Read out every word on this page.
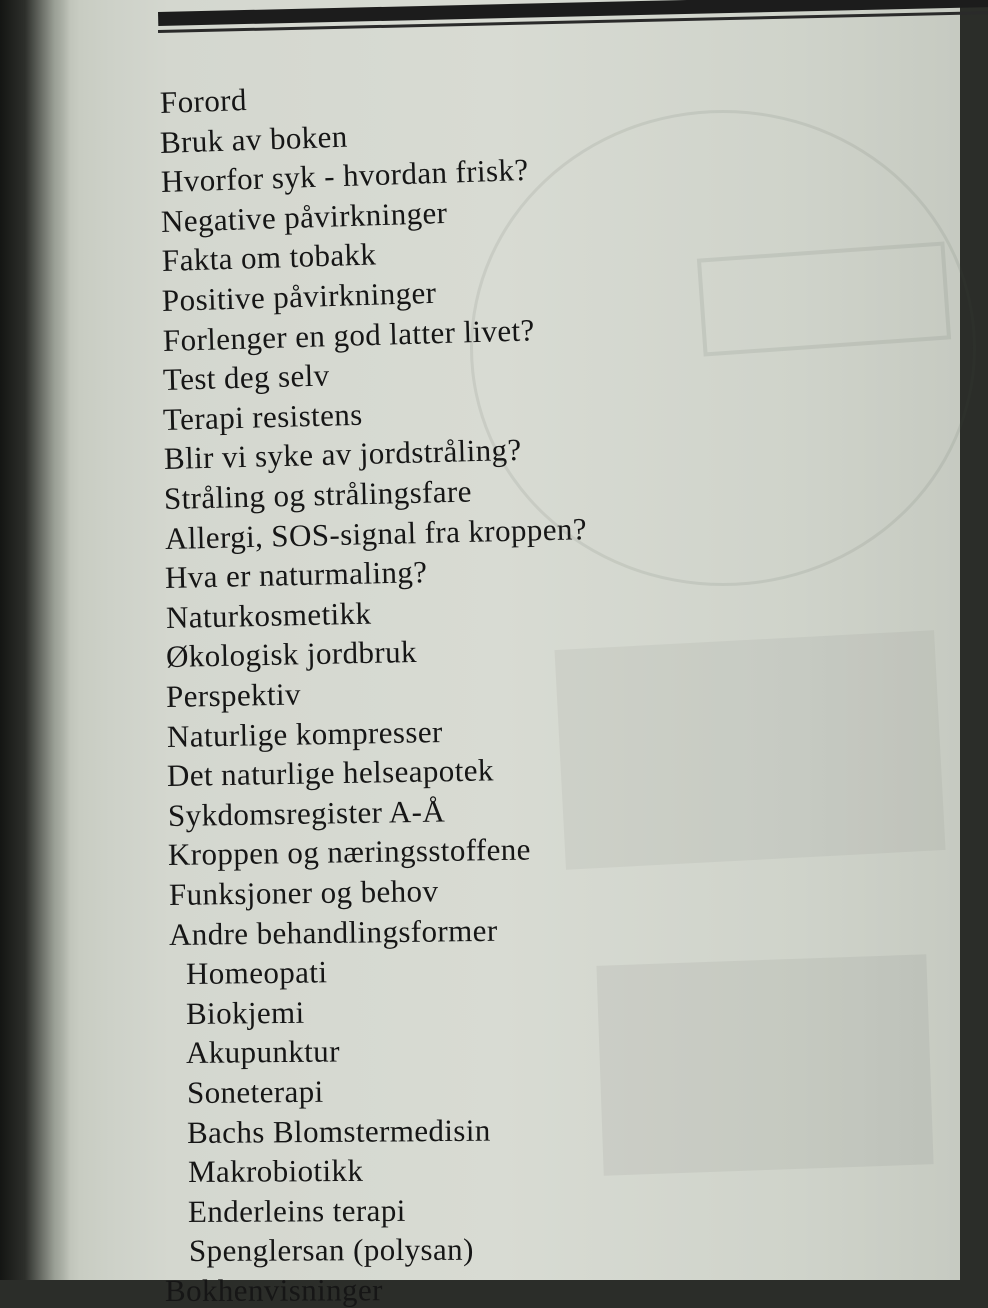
Forord
Bruk av boken
Hvorfor syk - hvordan frisk?
Negative påvirkninger
Fakta om tobakk
Positive påvirkninger
Forlenger en god latter livet?
Test deg selv
Terapi resistens
Blir vi syke av jordstråling?
Stråling og strålingsfare
Allergi, SOS-signal fra kroppen?
Hva er naturmaling?
Naturkosmetikk
Økologisk jordbruk
Perspektiv
Naturlige kompresser
Det naturlige helseapotek
Sykdomsregister A-Å
Kroppen og næringsstoffene
Funksjoner og behov
Andre behandlingsformer
Homeopati
Biokjemi
Akupunktur
Soneterapi
Bachs Blomstermedisin
Makrobiotikk
Enderleins terapi
Spenglersan (polysan)
Bokhenvisninger
